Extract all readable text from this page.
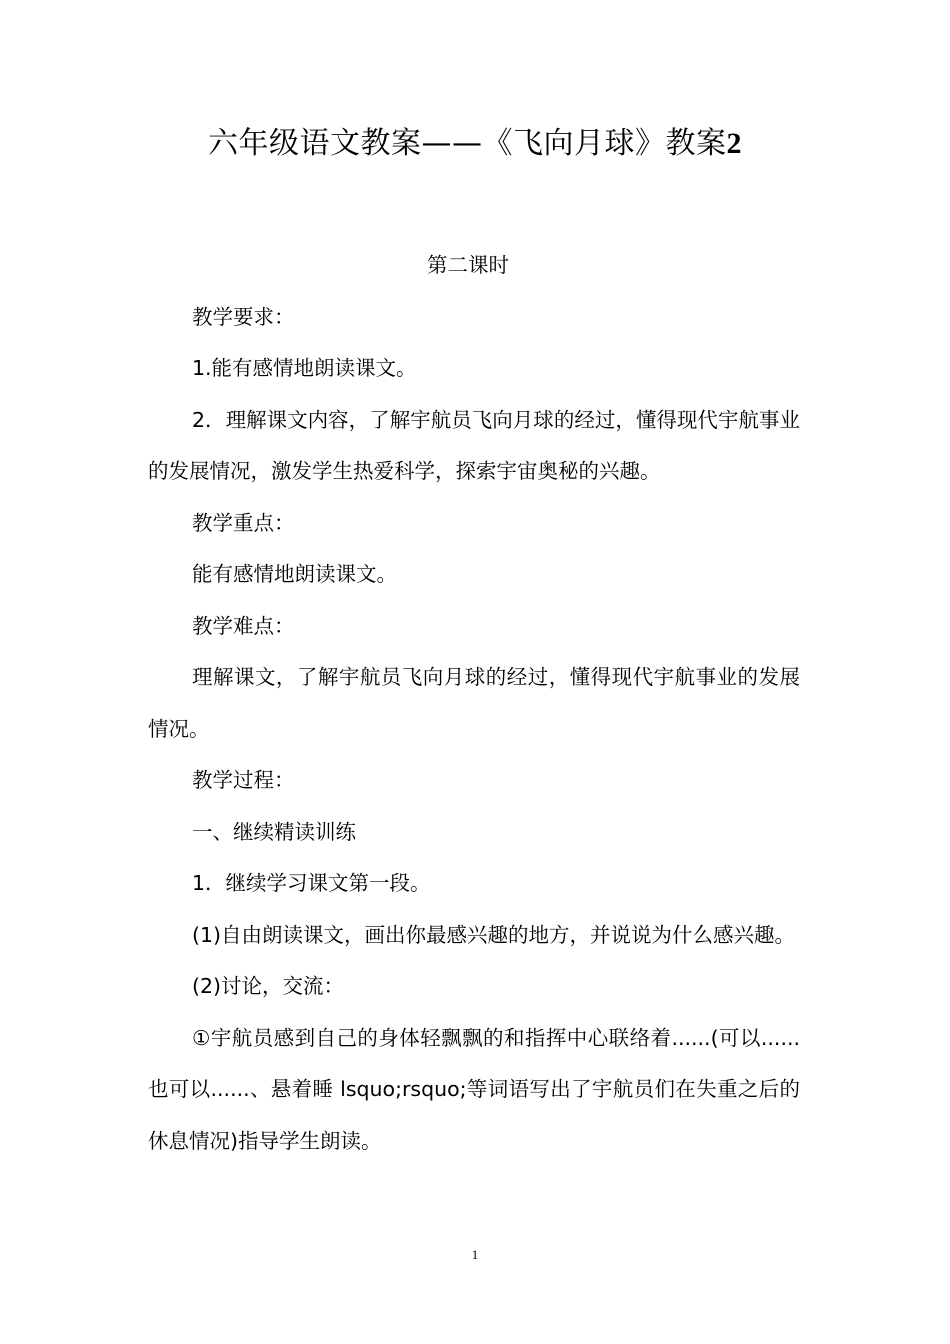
六年级语文教案——《飞向月球》教案2

第二课时

教学要求：

1.能有感情地朗读课文。

2．理解课文内容，了解宇航员飞向月球的经过，懂得现代宇航事业的发展情况，激发学生热爱科学，探索宇宙奥秘的兴趣。

教学重点：

能有感情地朗读课文。

教学难点：

理解课文，了解宇航员飞向月球的经过，懂得现代宇航事业的发展情况。

教学过程：

一、继续精读训练

1．继续学习课文第一段。

(1)自由朗读课文，画出你最感兴趣的地方，并说说为什么感兴趣。

(2)讨论，交流：

①宇航员感到自己的身体轻飘飘的和指挥中心联络着......(可以......也可以......、悬着睡 lsquo;rsquo;等词语写出了宇航员们在失重之后的休息情况)指导学生朗读。

1
